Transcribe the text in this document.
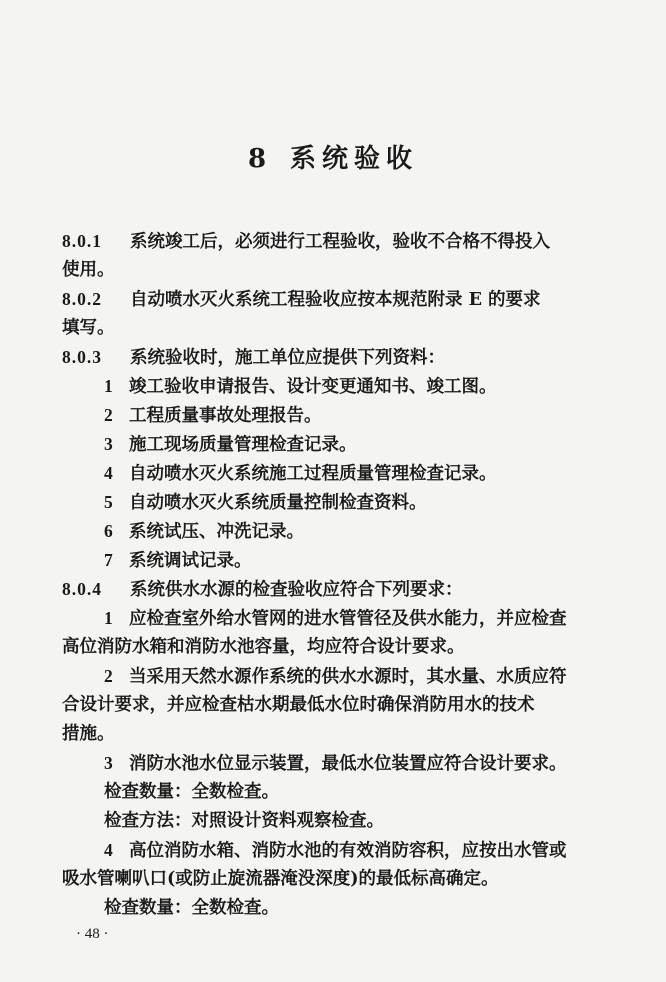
8 系统验收
8.0.1 系统竣工后，必须进行工程验收，验收不合格不得投入
使用。
8.0.2 自动喷水灭火系统工程验收应按本规范附录 E 的要求
填写。
8.0.3 系统验收时，施工单位应提供下列资料：
1 竣工验收申请报告、设计变更通知书、竣工图。
2 工程质量事故处理报告。
3 施工现场质量管理检查记录。
4 自动喷水灭火系统施工过程质量管理检查记录。
5 自动喷水灭火系统质量控制检查资料。
6 系统试压、冲洗记录。
7 系统调试记录。
8.0.4 系统供水水源的检查验收应符合下列要求：
1 应检查室外给水管网的进水管管径及供水能力，并应检查
高位消防水箱和消防水池容量，均应符合设计要求。
2 当采用天然水源作系统的供水水源时，其水量、水质应符
合设计要求，并应检查枯水期最低水位时确保消防用水的技术
措施。
3 消防水池水位显示装置，最低水位装置应符合设计要求。
检查数量：全数检查。
检查方法：对照设计资料观察检查。
4 高位消防水箱、消防水池的有效消防容积，应按出水管或
吸水管喇叭口(或防止旋流器淹没深度)的最低标高确定。
检查数量：全数检查。
· 48 ·
